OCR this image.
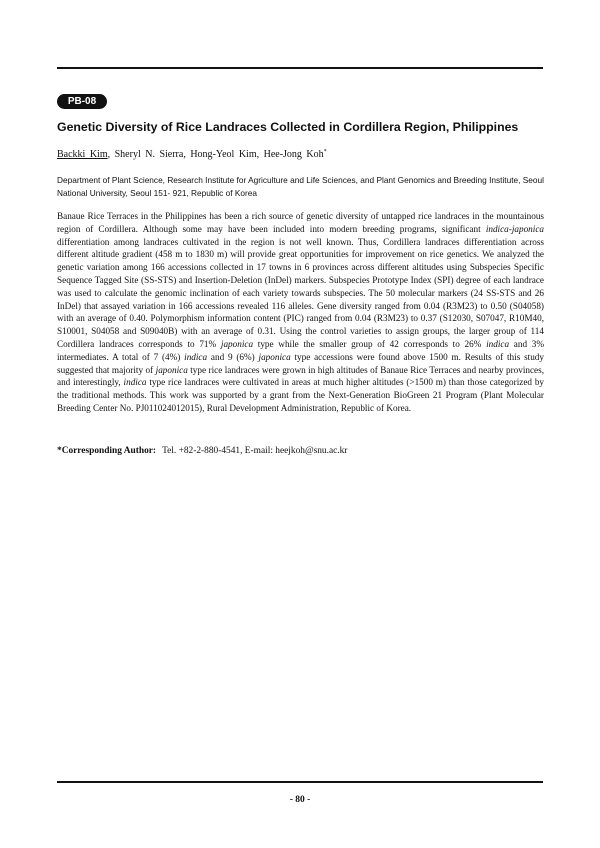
PB-08
Genetic Diversity of Rice Landraces Collected in Cordillera Region, Philippines
Backki Kim, Sheryl N. Sierra, Hong-Yeol Kim, Hee-Jong Koh*
Department of Plant Science, Research Institute for Agriculture and Life Sciences, and Plant Genomics and Breeding Institute, Seoul National University, Seoul 151- 921, Republic of Korea
Banaue Rice Terraces in the Philippines has been a rich source of genetic diversity of untapped rice landraces in the mountainous region of Cordillera. Although some may have been included into modern breeding programs, significant indica-japonica differentiation among landraces cultivated in the region is not well known. Thus, Cordillera landraces differentiation across different altitude gradient (458 m to 1830 m) will provide great opportunities for improvement on rice genetics. We analyzed the genetic variation among 166 accessions collected in 17 towns in 6 provinces across different altitudes using Subspecies Specific Sequence Tagged Site (SS-STS) and Insertion-Deletion (InDel) markers. Subspecies Prototype Index (SPI) degree of each landrace was used to calculate the genomic inclination of each variety towards subspecies. The 50 molecular markers (24 SS-STS and 26 InDel) that assayed variation in 166 accessions revealed 116 alleles. Gene diversity ranged from 0.04 (R3M23) to 0.50 (S04058) with an average of 0.40. Polymorphism information content (PIC) ranged from 0.04 (R3M23) to 0.37 (S12030, S07047, R10M40, S10001, S04058 and S09040B) with an average of 0.31. Using the control varieties to assign groups, the larger group of 114 Cordillera landraces corresponds to 71% japonica type while the smaller group of 42 corresponds to 26% indica and 3% intermediates. A total of 7 (4%) indica and 9 (6%) japonica type accessions were found above 1500 m. Results of this study suggested that majority of japonica type rice landraces were grown in high altitudes of Banaue Rice Terraces and nearby provinces, and interestingly, indica type rice landraces were cultivated in areas at much higher altitudes (>1500 m) than those categorized by the traditional methods. This work was supported by a grant from the Next-Generation BioGreen 21 Program (Plant Molecular Breeding Center No. PJ011024012015), Rural Development Administration, Republic of Korea.
*Corresponding Author: Tel. +82-2-880-4541, E-mail: heejkoh@snu.ac.kr
- 80 -
